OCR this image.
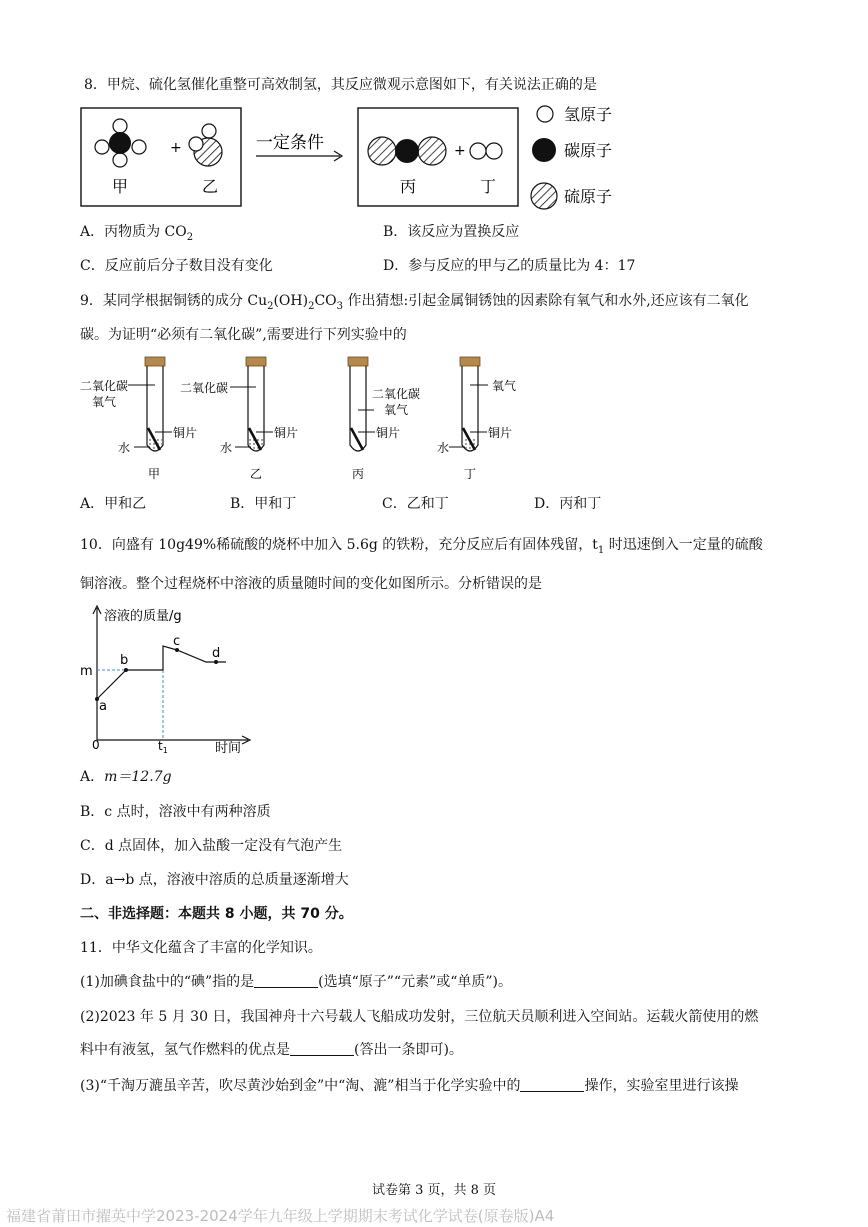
8．甲烷、硫化氢催化重整可高效制氢，其反应微观示意图如下，有关说法正确的是
+
甲	乙
一定条件	+
丙	丁
氢原子
碳原子
硫原子
A．丙物质为 $CO_2$	B．该反应为置换反应
C．反应前后分子数目没有变化	D．参与反应的甲与乙的质量比为 4：17
9．某同学根据铜锈的成分 $Cu_2(OH)_2CO_3$ 作出猜想:引起金属铜锈蚀的因素除有氧气和水外,还应该有二氧化
碳。为证明“必须有二氧化碳”,需要进行下列实验中的
二氧化碳
氧气
铜片
水
甲
二氧化碳
铜片
水
乙
二氧化碳
氧气
铜片
丙
氧气
铜片
水
丁
A．甲和乙	B．甲和丁	C．乙和丁	D．丙和丁
10．向盛有 10g49%稀硫酸的烧杯中加入 5.6g 的铁粉，充分反应后有固体残留，$t_1$ 时迅速倒入一定量的硫酸
铜溶液。整个过程烧杯中溶液的质量随时间的变化如图所示。分析错误的是
溶液的质量/g
时间
0
m
$t_1$
a
b
c
d
A．m＝12.7g
B．c 点时，溶液中有两种溶质
C．d 点固体，加入盐酸一定没有气泡产生
D．a→b 点，溶液中溶质的总质量逐渐增大
二、非选择题：本题共 8 小题，共 70 分。
11．中华文化蕴含了丰富的化学知识。
(1)加碘食盐中的“碘”指的是	(选填“原子”“元素”或“单质”)。
(2)2023 年 5 月 30 日，我国神舟十六号载人飞船成功发射，三位航天员顺利进入空间站。运载火箭使用的燃
料中有液氢，氢气作燃料的优点是	(答出一条即可)。
(3)“千淘万漉虽辛苦，吹尽黄沙始到金”中“淘、漉”相当于化学实验中的	操作，实验室里进行该操
试卷第 3 页，共 8 页
福建省莆田市擢英中学2023-2024学年九年级上学期期末考试化学试卷(原卷版)A4
